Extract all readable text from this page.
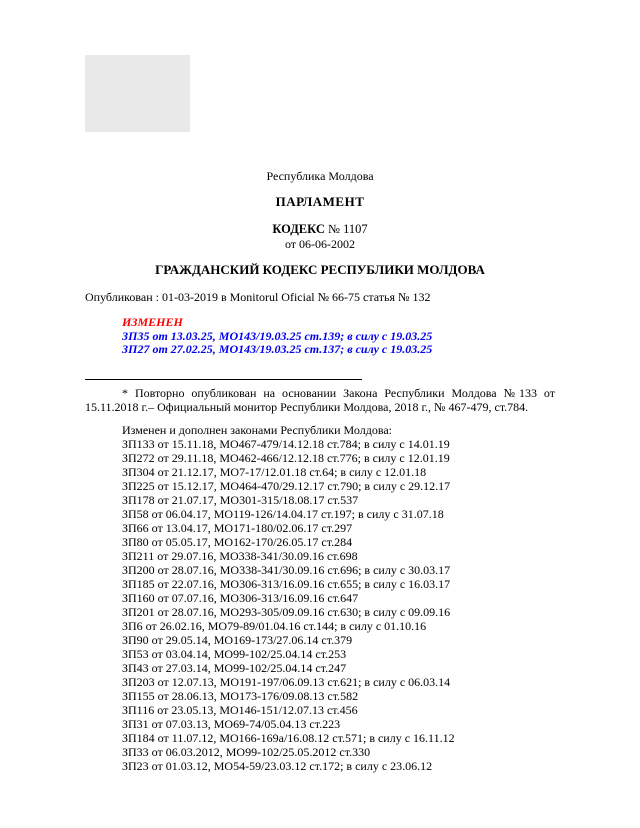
Республика Молдова

ПАРЛАМЕНТ

КОДЕКС № 1107

от 06-06-2002

ГРАЖДАНСКИЙ КОДЕКС РЕСПУБЛИКИ МОЛДОВА

Опубликован : 01-03-2019 в Monitorul Oficial № 66-75 статья № 132

ИЗМЕНЕН

ЗП35 от 13.03.25, МО143/19.03.25 ст.139; в силу с 19.03.25

ЗП27 от 27.02.25, МО143/19.03.25 ст.137; в силу с 19.03.25

* Повторно опубликован на основании Закона Республики Молдова №133 от 15.11.2018 г.– Официальный монитор Республики Молдова, 2018 г., № 467-479, ст.784.

Изменен и дополнен законами Республики Молдова:

ЗП133 от 15.11.18, МО467-479/14.12.18 ст.784; в силу с 14.01.19

ЗП272 от 29.11.18, МО462-466/12.12.18 ст.776; в силу с 12.01.19

ЗП304 от 21.12.17, МО7-17/12.01.18 ст.64; в силу с 12.01.18

ЗП225 от 15.12.17, МО464-470/29.12.17 ст.790; в силу с 29.12.17

ЗП178 от 21.07.17, МО301-315/18.08.17 ст.537

ЗП58 от 06.04.17, МО119-126/14.04.17 ст.197; в силу с 31.07.18

ЗП66 от 13.04.17, МО171-180/02.06.17 ст.297

ЗП80 от 05.05.17, МО162-170/26.05.17 ст.284

ЗП211 от 29.07.16, МО338-341/30.09.16 ст.698

ЗП200 от 28.07.16, МО338-341/30.09.16 ст.696; в силу с 30.03.17

ЗП185 от 22.07.16, МО306-313/16.09.16 ст.655; в силу с 16.03.17

ЗП160 от 07.07.16, МО306-313/16.09.16 ст.647

ЗП201 от 28.07.16, МО293-305/09.09.16 ст.630; в силу с 09.09.16

ЗП6 от 26.02.16, МО79-89/01.04.16 ст.144; в силу с 01.10.16

ЗП90 от 29.05.14, МО169-173/27.06.14 ст.379

ЗП53 от 03.04.14, МО99-102/25.04.14 ст.253

ЗП43 от 27.03.14, МО99-102/25.04.14 ст.247

ЗП203 от 12.07.13, МО191-197/06.09.13 ст.621; в силу с 06.03.14

ЗП155 от 28.06.13, МО173-176/09.08.13 ст.582

ЗП116 от 23.05.13, МО146-151/12.07.13 ст.456

ЗП31 от 07.03.13, МО69-74/05.04.13 ст.223

ЗП184 от 11.07.12, МО166-169а/16.08.12 ст.571; в силу с 16.11.12

ЗП33 от 06.03.2012, МО99-102/25.05.2012 ст.330

ЗП23 от 01.03.12, МО54-59/23.03.12 ст.172; в силу с 23.06.12
